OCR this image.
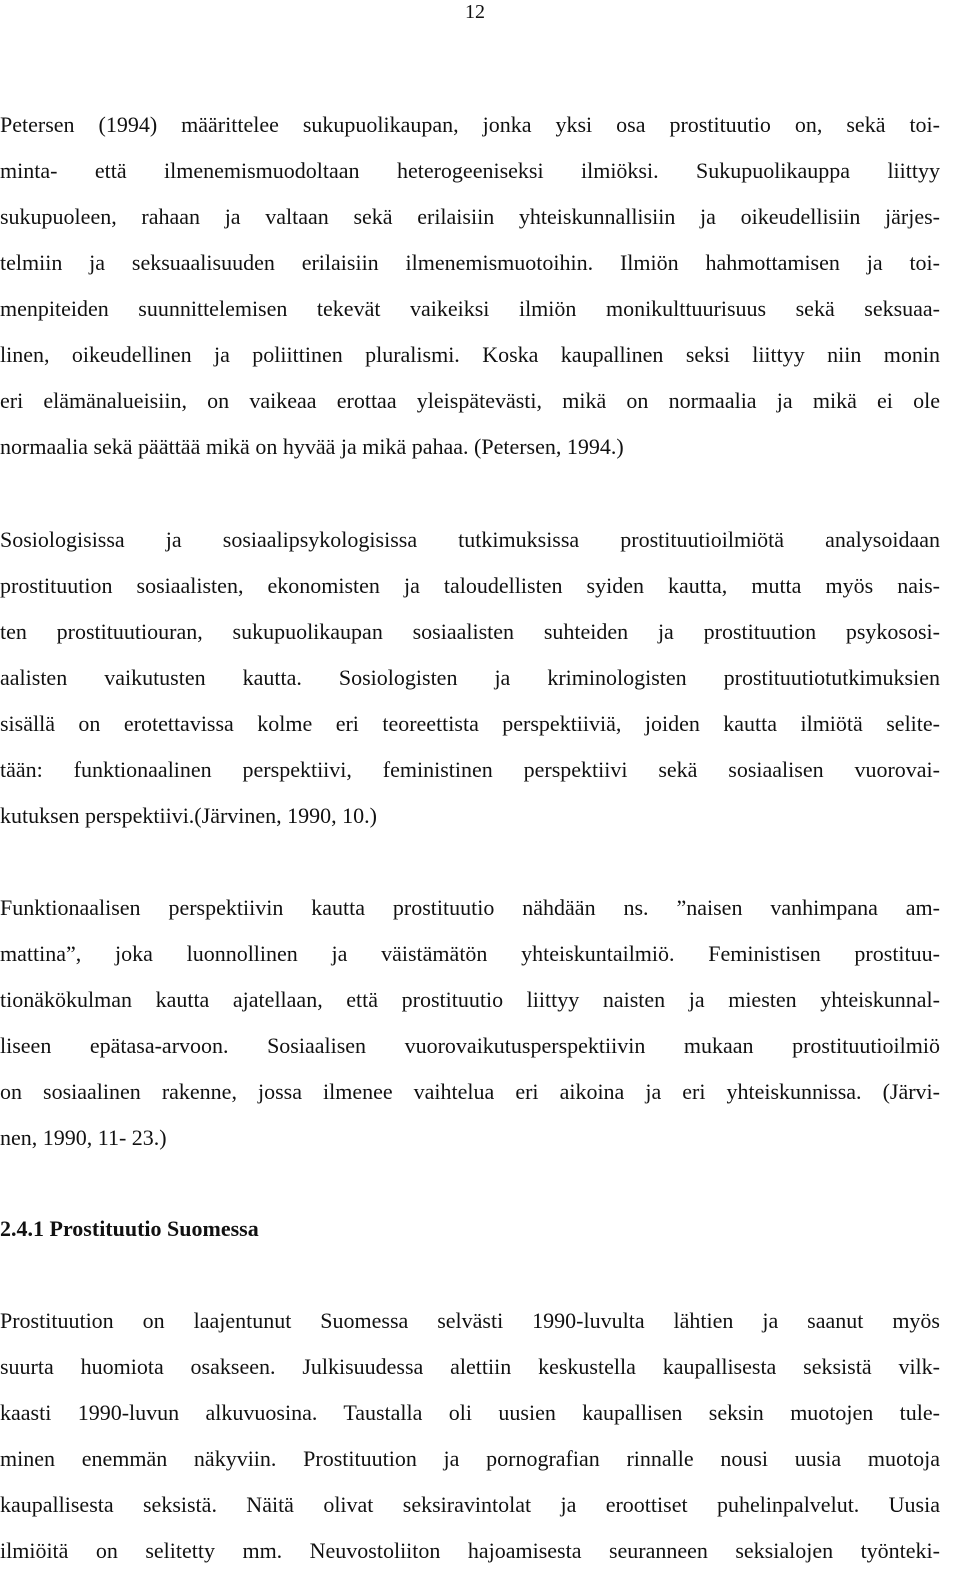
12
Petersen (1994) määrittelee sukupuolikaupan, jonka yksi osa prostituutio on, sekä toi-
minta- että ilmenemismuodoltaan heterogeeniseksi ilmiöksi. Sukupuolikauppa liittyy
sukupuoleen, rahaan ja valtaan sekä erilaisiin yhteiskunnallisiin ja oikeudellisiin järjes-
telmiin ja seksuaalisuuden erilaisiin ilmenemismuotoihin. Ilmiön hahmottamisen ja toi-
menpiteiden suunnittelemisen tekevät vaikeiksi ilmiön monikulttuurisuus sekä seksuaa-
linen, oikeudellinen ja poliittinen pluralismi. Koska kaupallinen seksi liittyy niin monin
eri elämänalueisiin, on vaikeaa erottaa yleispätevästi, mikä on normaalia ja mikä ei ole
normaalia sekä päättää mikä on hyvää ja mikä pahaa. (Petersen, 1994.)
Sosiologisissa ja sosiaalipsykologisissa tutkimuksissa prostituutioilmiötä analysoidaan
prostituution sosiaalisten, ekonomisten ja taloudellisten syiden kautta, mutta myös nais-
ten prostituutiouran, sukupuolikaupan sosiaalisten suhteiden ja prostituution psykososi-
aalisten vaikutusten kautta. Sosiologisten ja kriminologisten prostituutiotutkimuksien
sisällä on erotettavissa kolme eri teoreettista perspektiiviä, joiden kautta ilmiötä selite-
tään: funktionaalinen perspektiivi, feministinen perspektiivi sekä sosiaalisen vuorovai-
kutuksen perspektiivi.(Järvinen, 1990, 10.)
Funktionaalisen perspektiivin kautta prostituutio nähdään ns. ”naisen vanhimpana am-
mattina”, joka luonnollinen ja väistämätön yhteiskuntailmiö. Feministisen prostituu-
tionäkökulman kautta ajatellaan, että prostituutio liittyy naisten ja miesten yhteiskunnal-
liseen epätasa-arvoon. Sosiaalisen vuorovaikutusperspektiivin mukaan prostituutioilmiö
on sosiaalinen rakenne, jossa ilmenee vaihtelua eri aikoina ja eri yhteiskunnissa. (Järvi-
nen, 1990, 11- 23.)
2.4.1 Prostituutio Suomessa
Prostituution on laajentunut Suomessa selvästi 1990-luvulta lähtien ja saanut myös
suurta huomiota osakseen. Julkisuudessa alettiin keskustella kaupallisesta seksistä vilk-
kaasti 1990-luvun alkuvuosina. Taustalla oli uusien kaupallisen seksin muotojen tule-
minen enemmän näkyviin. Prostituution ja pornografian rinnalle nousi uusia muotoja
kaupallisesta seksistä. Näitä olivat seksiravintolat ja eroottiset puhelinpalvelut. Uusia
ilmiöitä on selitetty mm. Neuvostoliiton hajoamisesta seuranneen seksialojen työnteki-
